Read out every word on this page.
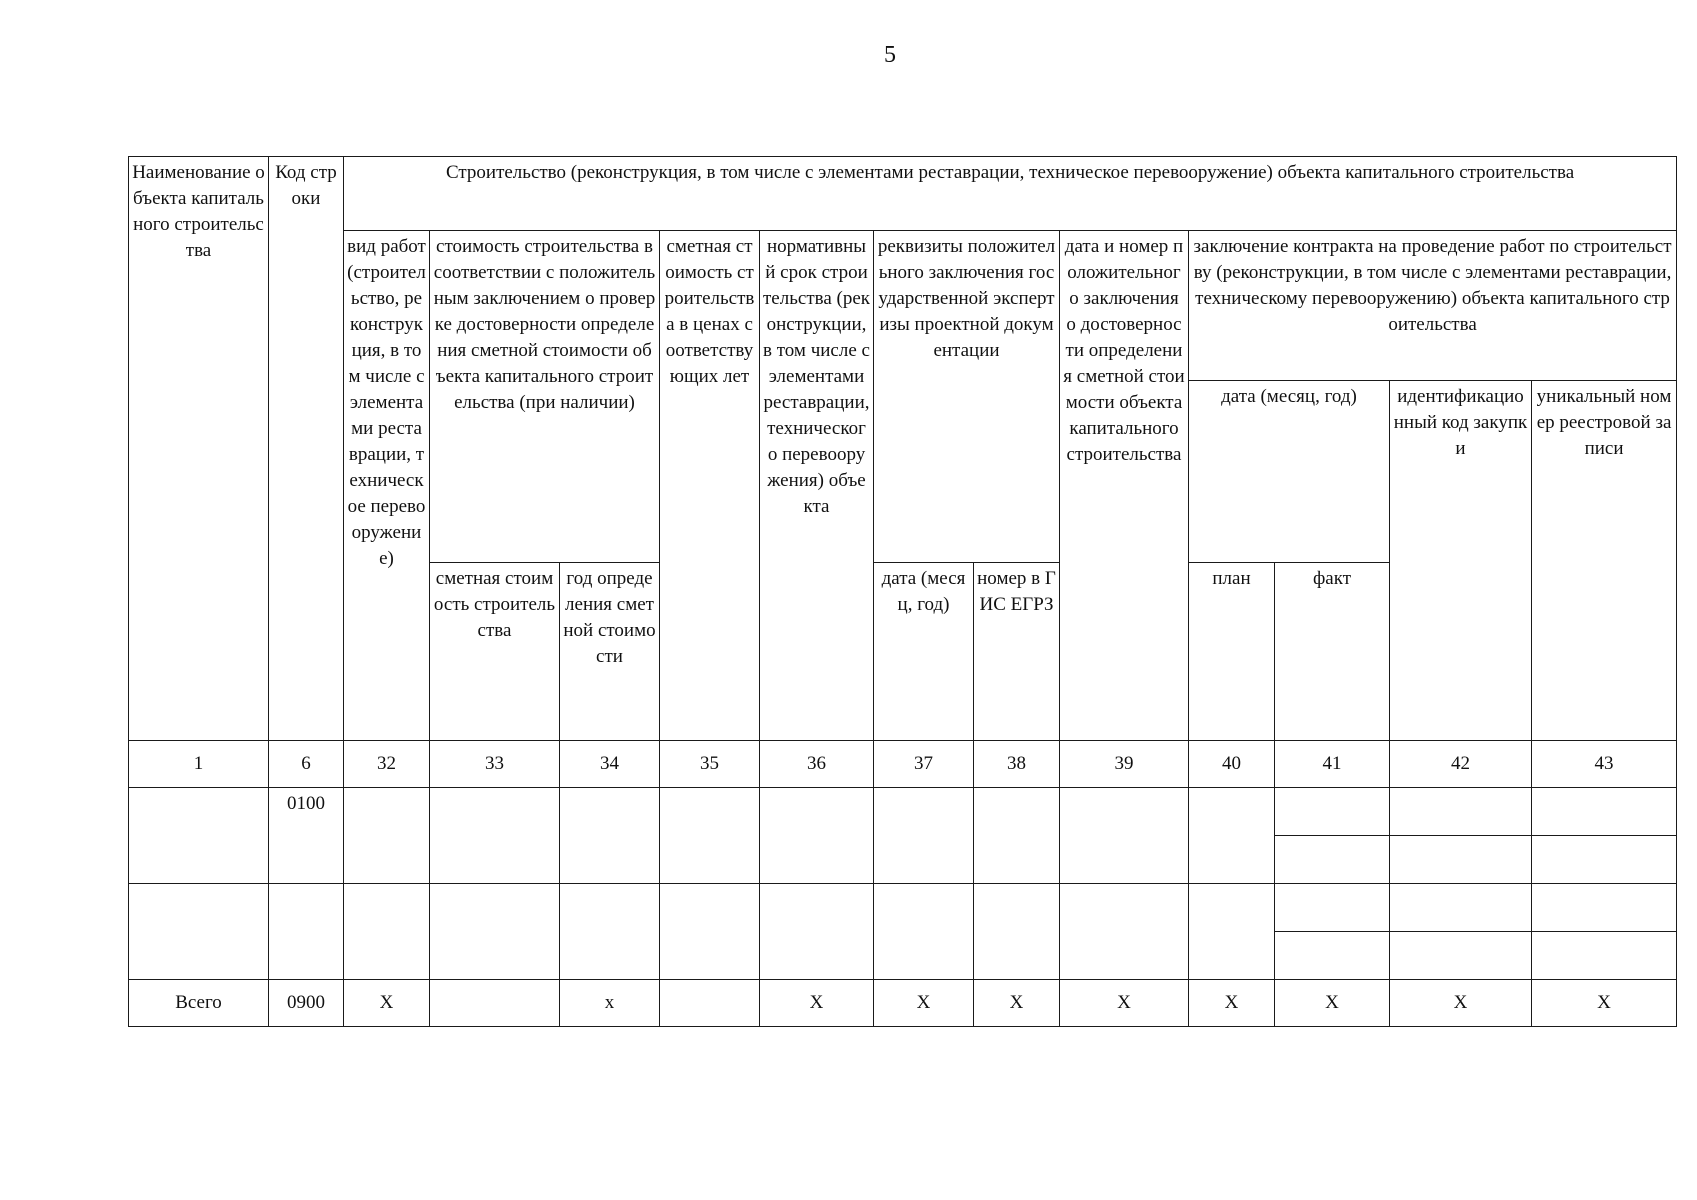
5
Наименование объекта капитального строительства	Код строки	Строительство (реконструкция, в том числе с элементами реставрации, техническое перевооружение) объекта капитального строительства											
		вид работ (строительство, реконструкция, в том числе с элементами реставрации, техническое перевооружение)	стоимость строительства в соответствии с положительным заключением о проверке достоверности определения сметной стоимости объекта капитального строительства (при наличии)		сметная стоимость строительства в ценах соответствующих лет	нормативный срок строительства (реконструкции, в том числе с элементами реставрации, технического перевооружения) объекта	реквизиты положительного заключения государственной экспертизы проектной документации		дата и номер положительного заключения о достоверности определения сметной стоимости объекта капитального строительства	заключение контракта на проведение работ по строительству (реконструкции, в том числе с элементами реставрации, техническому перевооружению) объекта капитального строительства			
										дата (месяц, год)		идентификационный код закупки	уникальный номер реестровой записи
			сметная стоимость строительства	год определения сметной стоимости			дата (месяц, год)	номер в ГИС ЕГРЗ		план	факт		
1	6	32	33	34	35	36	37	38	39	40	41	42	43
	0100												

Всего	0900	X		x		X	X	X	X	X	X	X	X
